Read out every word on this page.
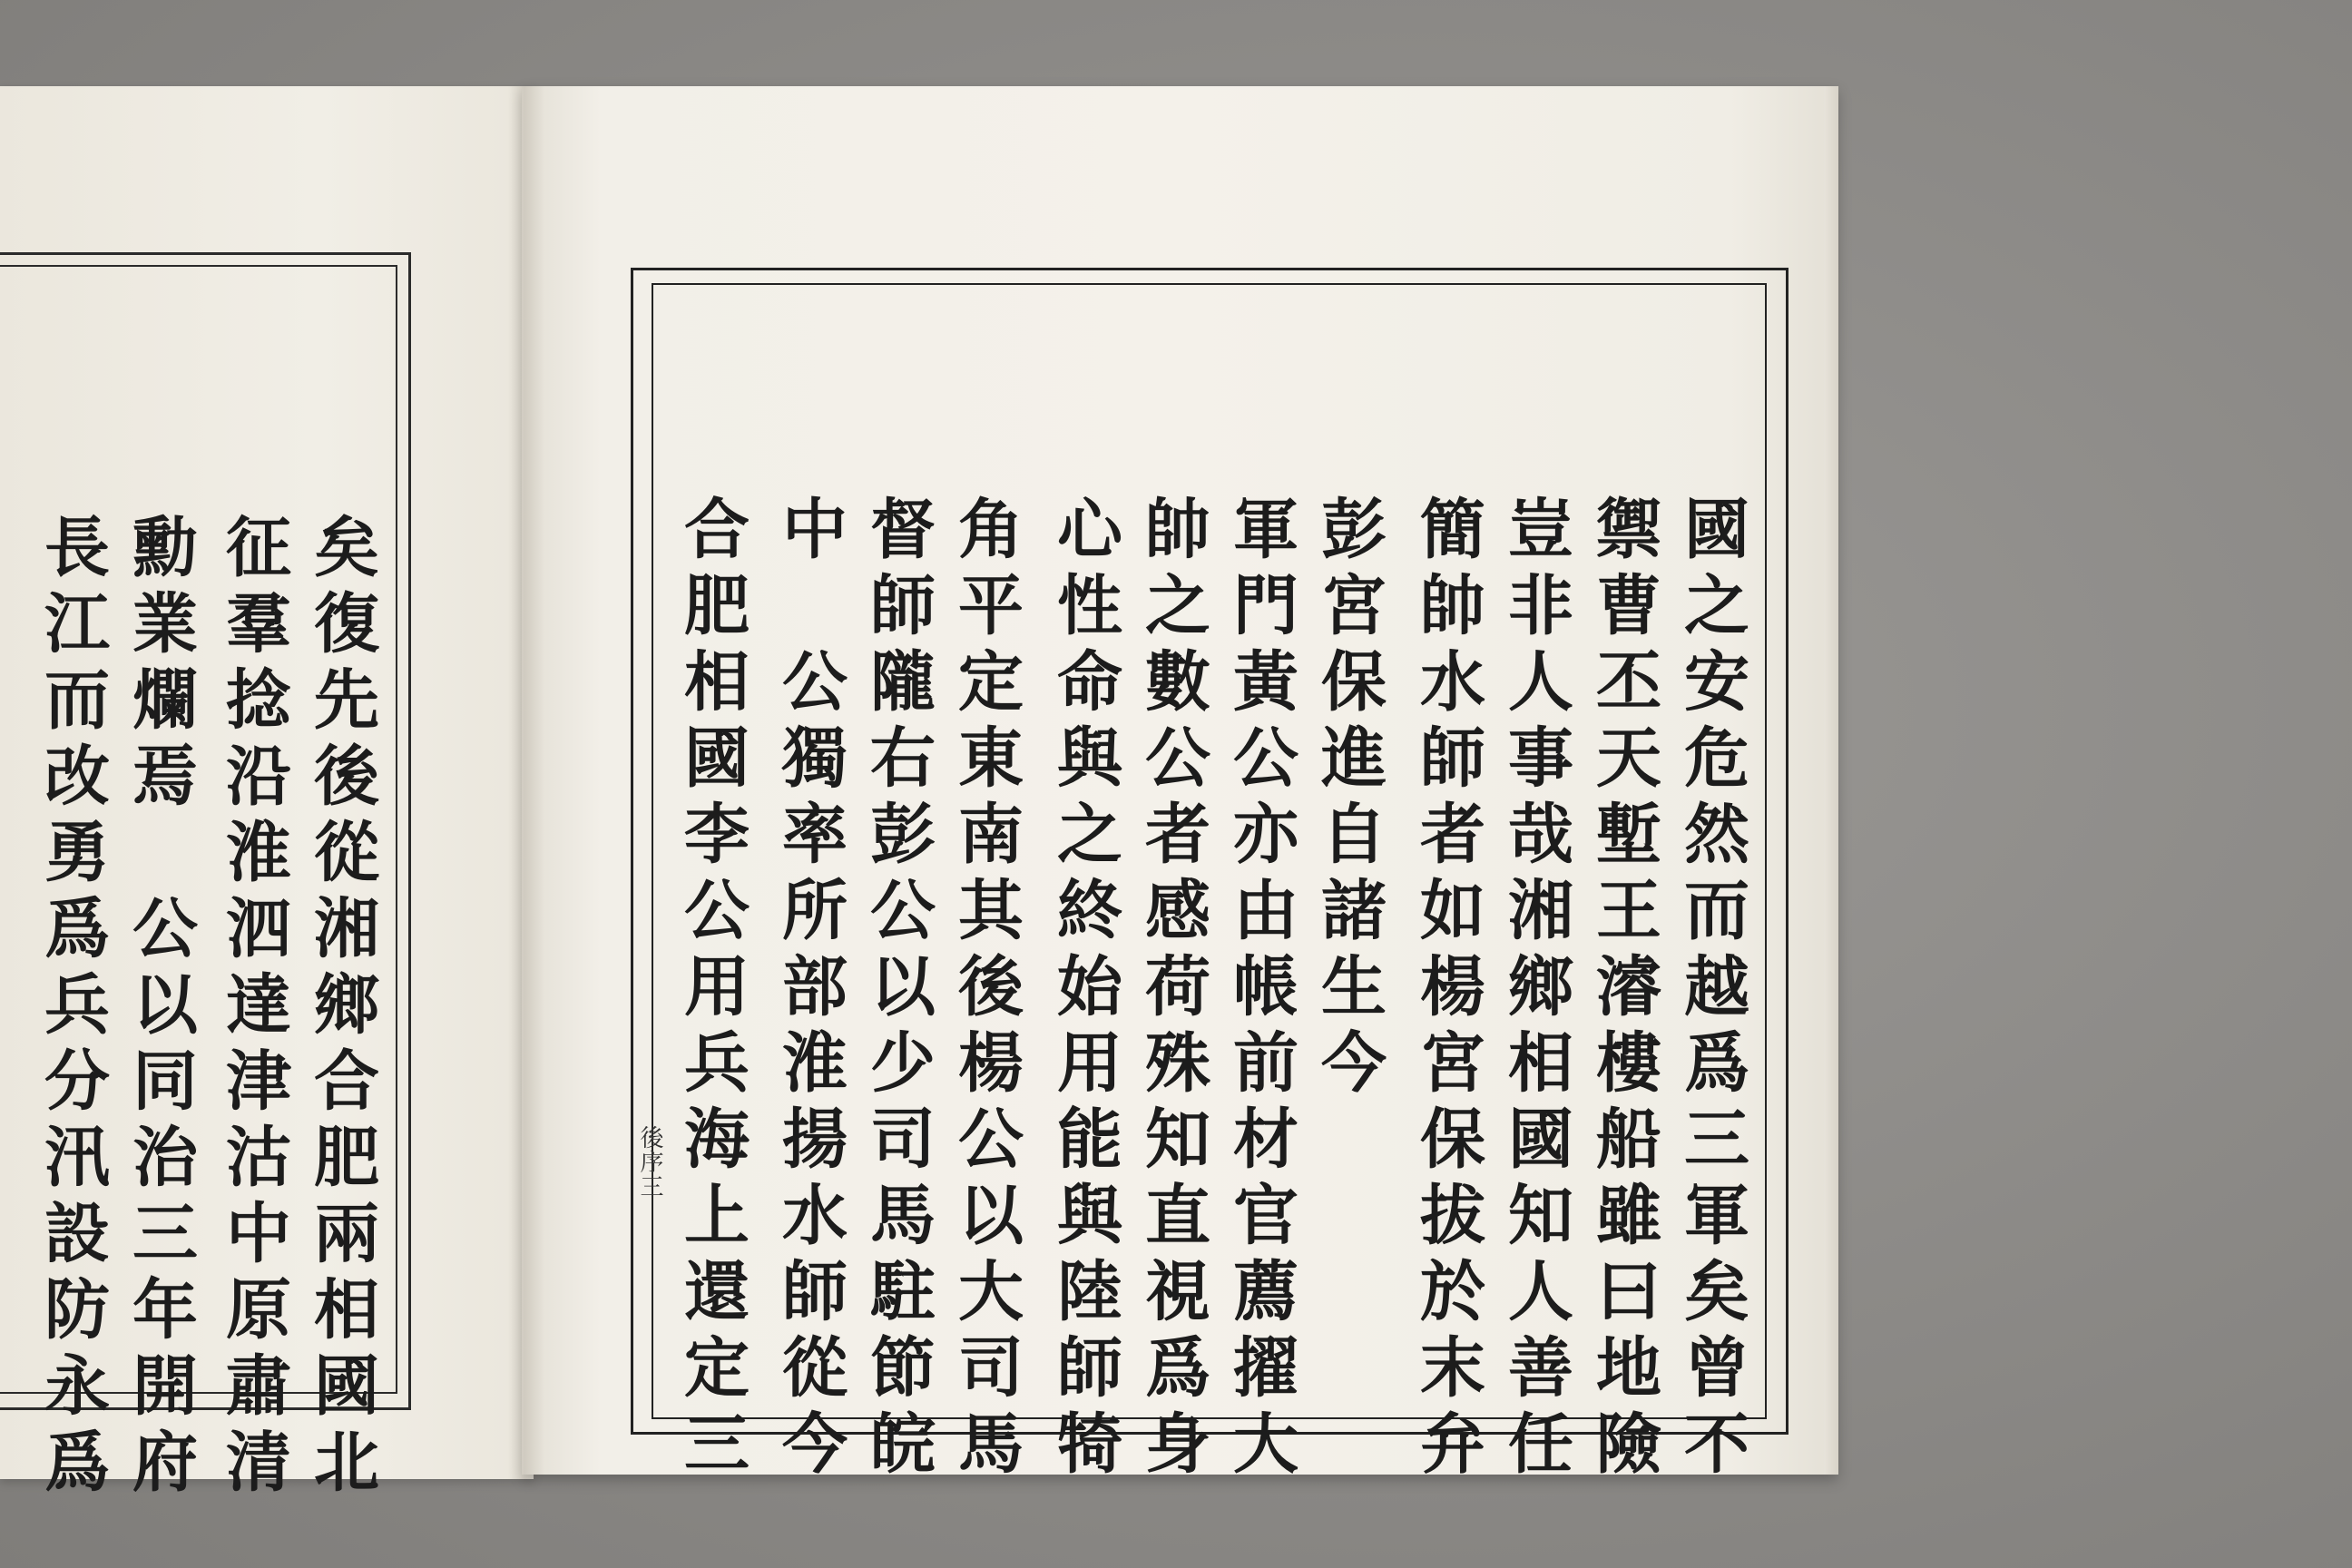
國之安危然而越爲三軍矣曾不
禦曹丕天塹王濬樓船雖曰地險
豈非人事哉湘鄉相國知人善任
簡帥水師者如楊宮保拔於末弁
彭宮保進自諸生今
軍門黃公亦由帳前材官薦擢大
帥之數公者感荷殊知直視爲身
心性命與之終始用能與陸師犄
角平定東南其後楊公以大司馬
督師隴右彭公以少司馬駐節皖
中　公獨率所部淮揚水師從今
合肥相國李公用兵海上還定三
後序三
矣復先後從湘鄉合肥兩相國北
征羣捻沿淮泗達津沽中原肅清
勳業爛焉　公以同治三年開府
長江而改勇爲兵分汛設防永爲
